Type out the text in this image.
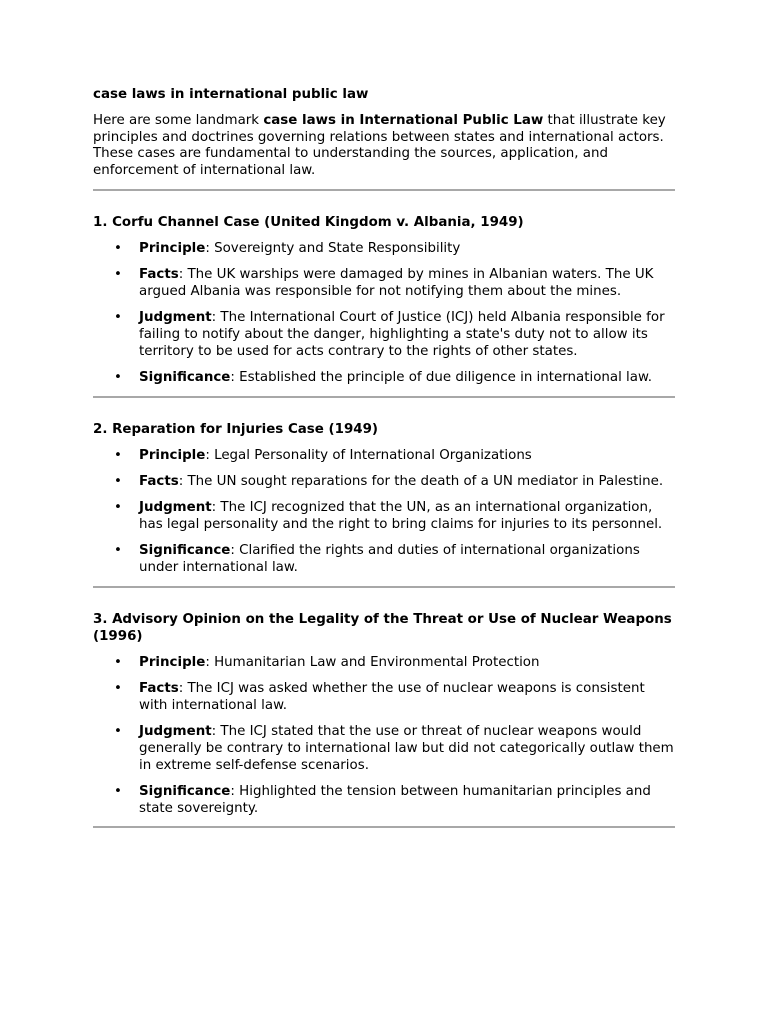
case laws in international public law

Here are some landmark case laws in International Public Law that illustrate key principles and doctrines governing relations between states and international actors. These cases are fundamental to understanding the sources, application, and enforcement of international law.

1. Corfu Channel Case (United Kingdom v. Albania, 1949)
• Principle: Sovereignty and State Responsibility
• Facts: The UK warships were damaged by mines in Albanian waters. The UK argued Albania was responsible for not notifying them about the mines.
• Judgment: The International Court of Justice (ICJ) held Albania responsible for failing to notify about the danger, highlighting a state's duty not to allow its territory to be used for acts contrary to the rights of other states.
• Significance: Established the principle of due diligence in international law.
2. Reparation for Injuries Case (1949)
• Principle: Legal Personality of International Organizations
• Facts: The UN sought reparations for the death of a UN mediator in Palestine.
• Judgment: The ICJ recognized that the UN, as an international organization, has legal personality and the right to bring claims for injuries to its personnel.
• Significance: Clarified the rights and duties of international organizations under international law.
3. Advisory Opinion on the Legality of the Threat or Use of Nuclear Weapons (1996)
• Principle: Humanitarian Law and Environmental Protection
• Facts: The ICJ was asked whether the use of nuclear weapons is consistent with international law.
• Judgment: The ICJ stated that the use or threat of nuclear weapons would generally be contrary to international law but did not categorically outlaw them in extreme self-defense scenarios.
• Significance: Highlighted the tension between humanitarian principles and state sovereignty.
